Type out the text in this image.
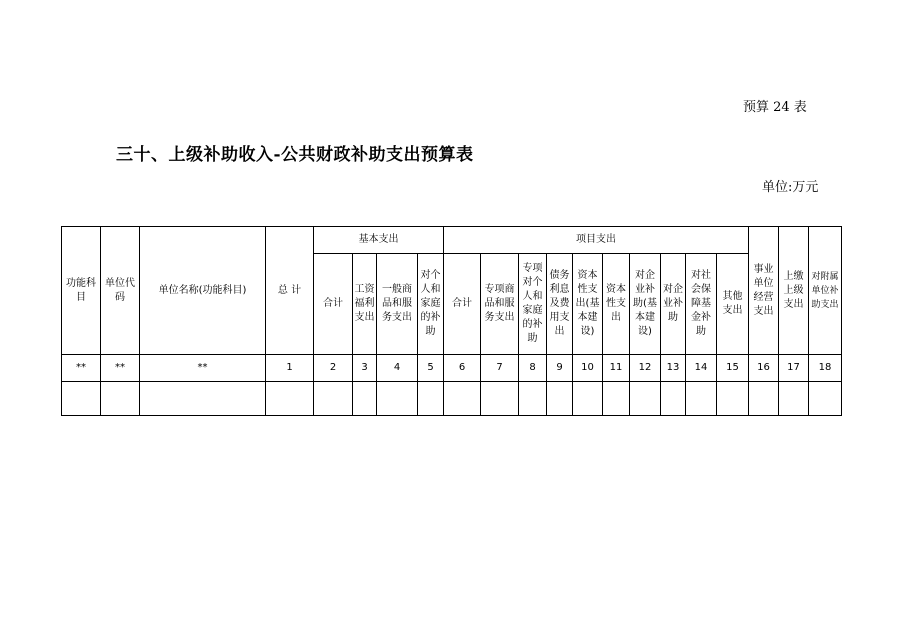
预算 24 表
三十、上级补助收入-公共财政补助支出预算表
单位:万元
功能科目	单位代码	单位名称(功能科目)	总 计	基本支出				项目支出										事业单位经营支出	上缴上级支出	对附属单位补助支出
				合计	工资福利支出	一般商品和服务支出	对个人和家庭的补助	合计	专项商品和服务支出	专项对个人和家庭的补助	债务利息及费用支出	资本性支出(基本建设)	资本性支出	对企业补助(基本建设)	对企业补助	对社会保障基金补助	其他支出			
**	**	**	1	2	3	4	5	6	7	8	9	10	11	12	13	14	15	16	17	18
